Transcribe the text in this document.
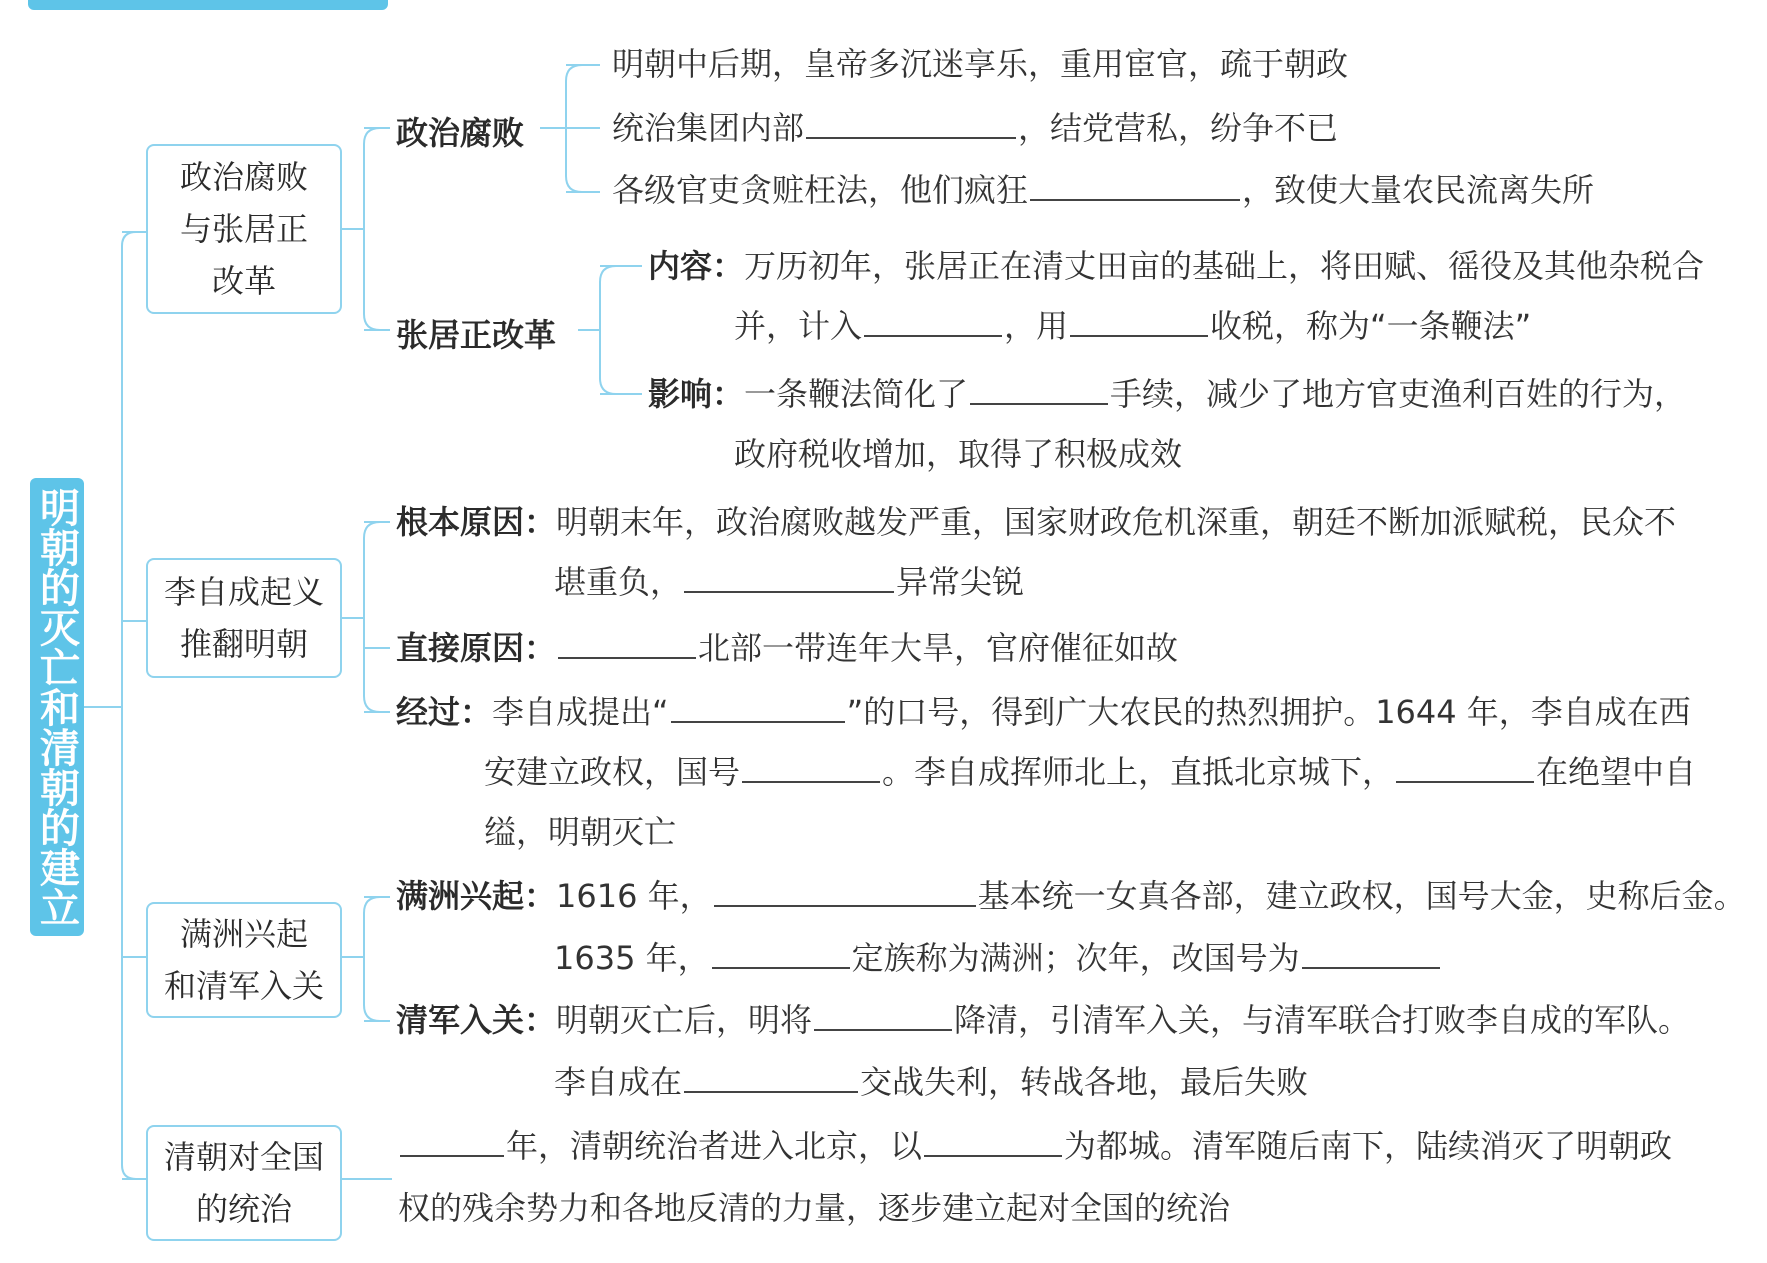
明朝的灭亡和清朝的建立
政治腐败
与张居正
改革
李自成起义
推翻明朝
满洲兴起
和清军入关
清朝对全国
的统治
政治腐败
明朝中后期，皇帝多沉迷享乐，重用宦官，疏于朝政
统治集团内部	，结党营私，纷争不已
各级官吏贪赃枉法，他们疯狂	，致使大量农民流离失所
张居正改革
内容：万历初年，张居正在清丈田亩的基础上，将田赋、徭役及其他杂税合
并，计入	，用	收税，称为“一条鞭法”
影响：一条鞭法简化了	手续，减少了地方官吏渔利百姓的行为，
政府税收增加，取得了积极成效
根本原因：明朝末年，政治腐败越发严重，国家财政危机深重，朝廷不断加派赋税，民众不
堪重负，	异常尖锐
直接原因：	北部一带连年大旱，官府催征如故
经过：李自成提出“	”的口号，得到广大农民的热烈拥护。1644 年，李自成在西
安建立政权，国号	。李自成挥师北上，直抵北京城下，	在绝望中自
缢，明朝灭亡
满洲兴起：1616 年，	基本统一女真各部，建立政权，国号大金，史称后金。
1635 年，	定族称为满洲；次年，改国号为
清军入关：明朝灭亡后，明将	降清，引清军入关，与清军联合打败李自成的军队。
李自成在	交战失利，转战各地，最后失败
年，清朝统治者进入北京，以	为都城。清军随后南下，陆续消灭了明朝政
权的残余势力和各地反清的力量，逐步建立起对全国的统治
